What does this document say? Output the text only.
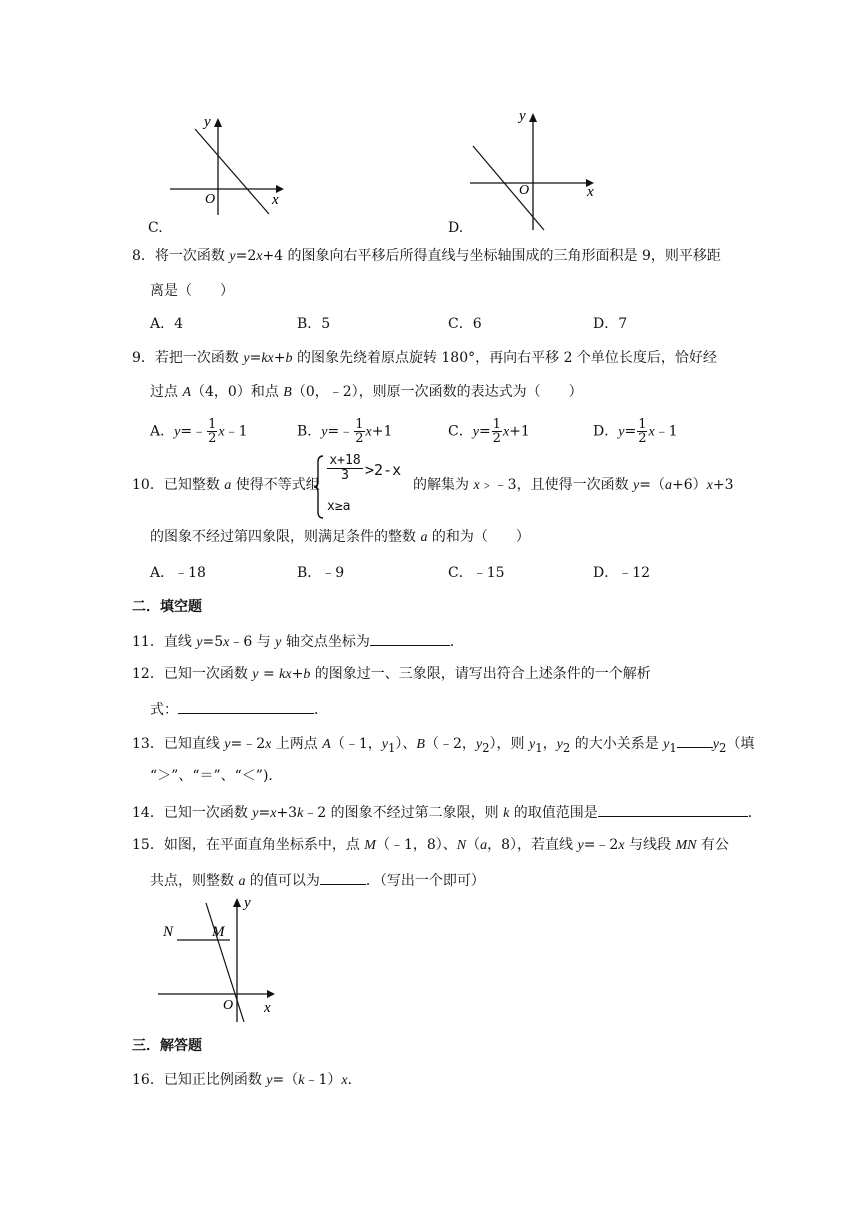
y
x
O
C.
y
x
O
D.
8．将一次函数 y=2x+4 的图象向右平移后所得直线与坐标轴围成的三角形面积是 9，则平移距
离是（　　）
A．4	B．5	C．6	D．7
9．若把一次函数 y=kx+b 的图象先绕着原点旋转 180°，再向右平移 2 个单位长度后，恰好经
过点 A（4，0）和点 B（0，﹣2），则原一次函数的表达式为（　　）
A．y=﹣ $\frac{1}{2}$ x﹣1	B．y=﹣ $\frac{1}{2} x+1$	C．$y= \frac{1}{2} x+1$	D．$y= \frac{1}{2}$ x﹣1
10．已知整数 a 使得不等式组
$\frac{x+18}{3} >2-x$
x≥a
的解集为 x﹥﹣3，且使得一次函数 y=（a+6）x+3
的图象不经过第四象限，则满足条件的整数 a 的和为（　　）
A．﹣18	B．﹣9	C．﹣15	D．﹣12
二．填空题
11．直线 y=5x﹣6 与 y 轴交点坐标为	．
12．已知一次函数 y = kx+b 的图象过一、三象限，请写出符合上述条件的一个解析
式：	．
13．已知直线 y=﹣2x 上两点 A（﹣1，$y_1$）、B（﹣2，$y_2$），则 $y_1$，$y_2$ 的大小关系是 $y_1$	$y_2$（填
“＞”、“＝”、“＜”)．
14．已知一次函数 y=x+3k﹣2 的图象不经过第二象限，则 k 的取值范围是	．
15．如图，在平面直角坐标系中，点 M（﹣1，8）、N（a，8），若直线 y=﹣2x 与线段 MN 有公
共点，则整数 a 的值可以为	．（写出一个即可）
N	M
y
x
O
三．解答题
16．已知正比例函数 y=（k﹣1）x．
